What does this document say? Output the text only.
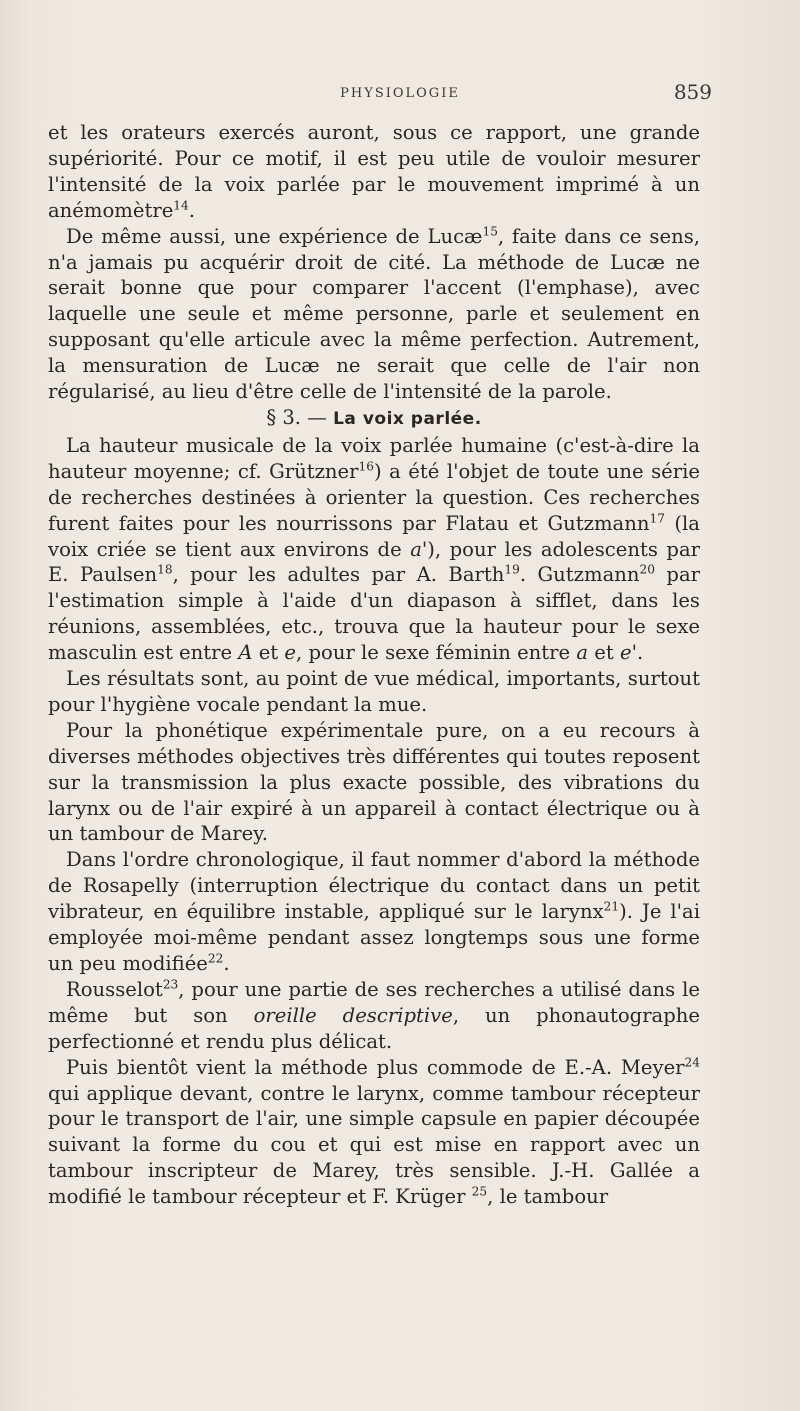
PHYSIOLOGIE	859

et les orateurs exercés auront, sous ce rapport, une grande supériorité. Pour ce motif, il est peu utile de vouloir mesurer l'intensité de la voix parlée par le mouvement imprimé à un anémomètre$^{14}$.

De même aussi, une expérience de Lucæ$^{15}$, faite dans ce sens, n'a jamais pu acquérir droit de cité. La méthode de Lucæ ne serait bonne que pour comparer l'accent (l'emphase), avec laquelle une seule et même personne, parle et seulement en supposant qu'elle articule avec la même perfection. Autrement, la mensuration de Lucæ ne serait que celle de l'air non régularisé, au lieu d'être celle de l'intensité de la parole.

§ 3. — La voix parlée.

La hauteur musicale de la voix parlée humaine (c'est-à-dire la hauteur moyenne; cf. Grützner$^{16}$) a été l'objet de toute une série de recherches destinées à orienter la question. Ces recherches furent faites pour les nourrissons par Flatau et Gutzmann$^{17}$ (la voix criée se tient aux environs de a'), pour les adolescents par E. Paulsen$^{18}$, pour les adultes par A. Barth$^{19}$. Gutzmann$^{20}$ par l'estimation simple à l'aide d'un diapason à sifflet, dans les réunions, assemblées, etc., trouva que la hauteur pour le sexe masculin est entre A et e, pour le sexe féminin entre a et e'.

Les résultats sont, au point de vue médical, importants, surtout pour l'hygiène vocale pendant la mue.

Pour la phonétique expérimentale pure, on a eu recours à diverses méthodes objectives très différentes qui toutes reposent sur la transmission la plus exacte possible, des vibrations du larynx ou de l'air expiré à un appareil à contact électrique ou à un tambour de Marey.

Dans l'ordre chronologique, il faut nommer d'abord la méthode de Rosapelly (interruption électrique du contact dans un petit vibrateur, en équilibre instable, appliqué sur le larynx$^{21}$). Je l'ai employée moi-même pendant assez longtemps sous une forme un peu modifiée$^{22}$.

Rousselot$^{23}$, pour une partie de ses recherches a utilisé dans le même but son oreille descriptive, un phonautographe perfectionné et rendu plus délicat.

Puis bientôt vient la méthode plus commode de E.-A. Meyer$^{24}$ qui applique devant, contre le larynx, comme tambour récepteur pour le transport de l'air, une simple capsule en papier découpée suivant la forme du cou et qui est mise en rapport avec un tambour inscripteur de Marey, très sensible. J.-H. Gallée a modifié le tambour récepteur et F. Krüger $^{25}$, le tambour
